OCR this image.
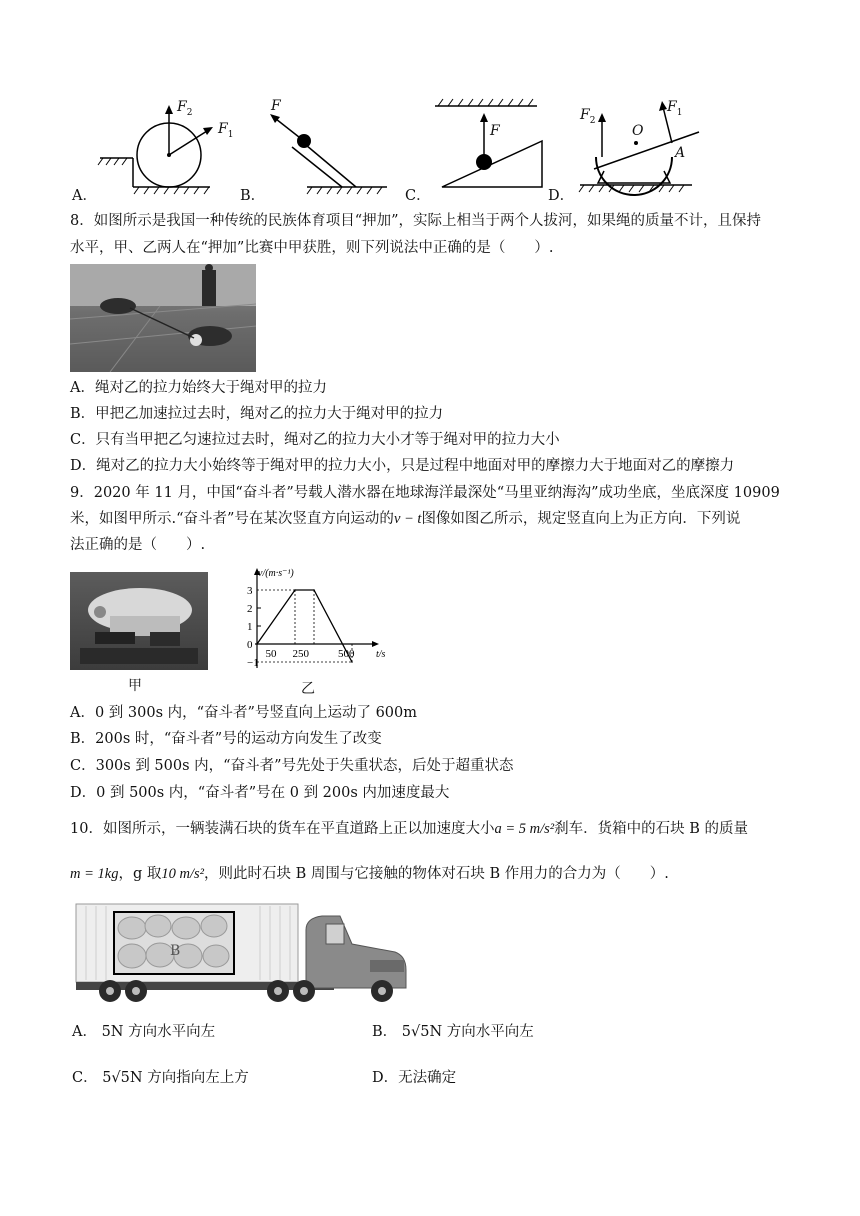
$F_2$
$F_1$
A．
F
B．
F
C．
$F_2$
$F_1$
O
A
D．
8．如图所示是我国一种传统的民族体育项目“押加”，实际上相当于两个人拔河，如果绳的质量不计，且保持
水平，甲、乙两人在“押加”比赛中甲获胜，则下列说法中正确的是（　　）.
A．绳对乙的拉力始终大于绳对甲的拉力
B．甲把乙加速拉过去时，绳对乙的拉力大于绳对甲的拉力
C．只有当甲把乙匀速拉过去时，绳对乙的拉力大小才等于绳对甲的拉力大小
D．绳对乙的拉力大小始终等于绳对甲的拉力大小，只是过程中地面对甲的摩擦力大于地面对乙的摩擦力
9．2020 年 11 月，中国“奋斗者”号载人潜水器在地球海洋最深处“马里亚纳海沟”成功坐底，坐底深度 10909
米，如图甲所示.“奋斗者”号在某次竖直方向运动的v − t图像如图乙所示，规定竖直向上为正方向．下列说
法正确的是（　　）.
甲
v/(m·s⁻¹)
t/s
3
2
1
0
−1
50 250	500
乙
A．0 到 300s 内，“奋斗者”号竖直向上运动了 600m
B．200s 时，“奋斗者”号的运动方向发生了改变
C．300s 到 500s 内，“奋斗者”号先处于失重状态，后处于超重状态
D．0 到 500s 内，“奋斗者”号在 0 到 200s 内加速度最大
10．如图所示，一辆装满石块的货车在平直道路上正以加速度大小a = 5 m/s²刹车．货箱中的石块 B 的质量
m = 1kg，g 取10 m/s²，则此时石块 B 周围与它接触的物体对石块 B 作用力的合力为（　　）.
B
A． 5N 方向水平向左	B． 5√5N 方向水平向左
C． 5√5N 方向指向左上方	D．无法确定
